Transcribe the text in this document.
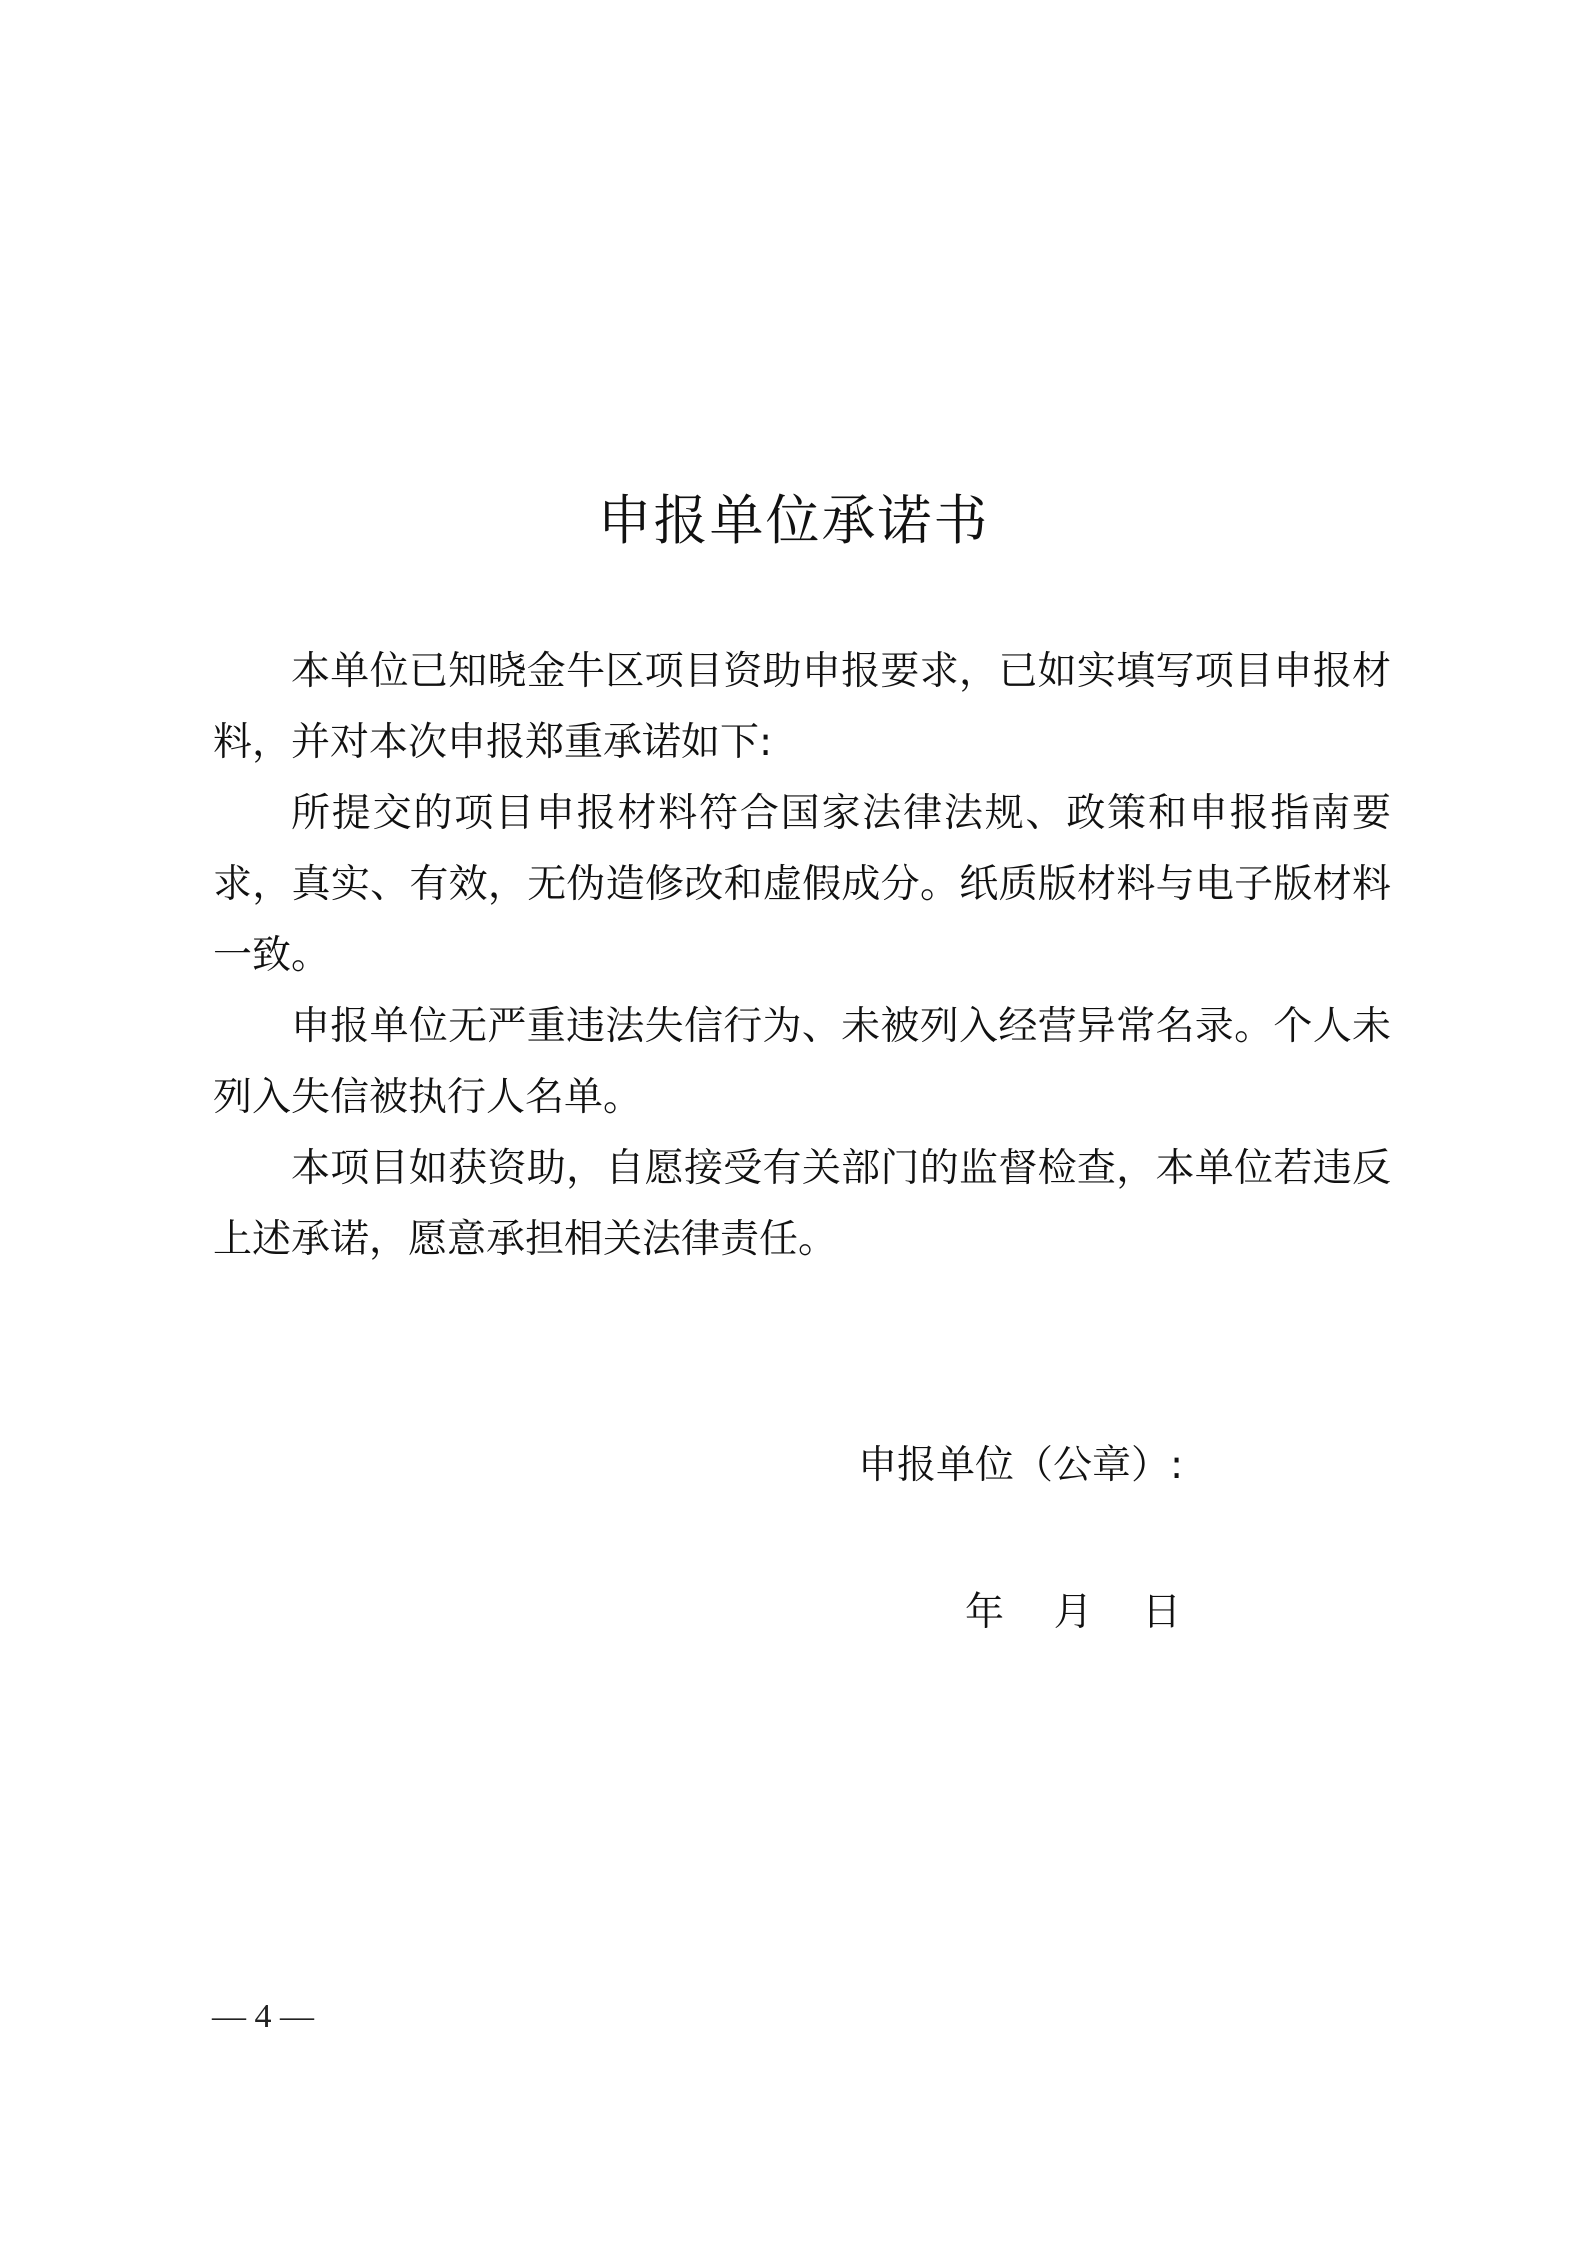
申报单位承诺书

本单位已知晓金牛区项目资助申报要求，已如实填写项目申报材料，并对本次申报郑重承诺如下:

所提交的项目申报材料符合国家法律法规、政策和申报指南要求，真实、有效，无伪造修改和虚假成分。纸质版材料与电子版材料一致。

申报单位无严重违法失信行为、未被列入经营异常名录。个人未列入失信被执行人名单。

本项目如获资助，自愿接受有关部门的监督检查，本单位若违反上述承诺，愿意承担相关法律责任。

申报单位（公章）:
年    月    日
— 4 —
